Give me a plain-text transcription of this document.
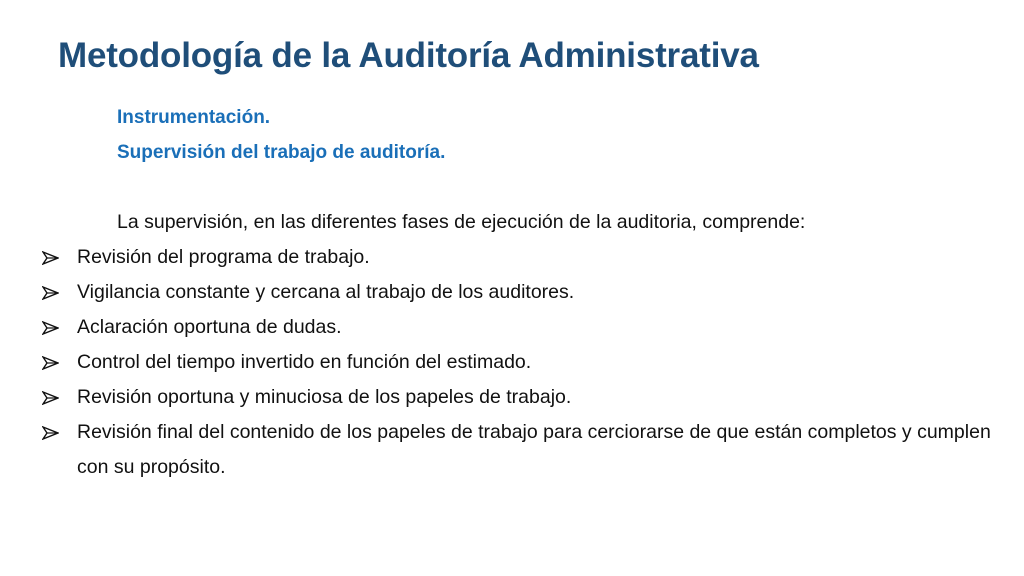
Metodología de la Auditoría Administrativa
Instrumentación.
Supervisión del trabajo de auditoría.

La supervisión, en las diferentes fases de ejecución de la auditoria, comprende:

Revisión del programa de trabajo.
Vigilancia constante y cercana al trabajo de los auditores.
Aclaración oportuna de dudas.
Control del tiempo invertido en función del estimado.
Revisión oportuna y minuciosa de los papeles de trabajo.
Revisión final del contenido de los papeles de trabajo para cerciorarse de que están completos y cumplen con su propósito.
